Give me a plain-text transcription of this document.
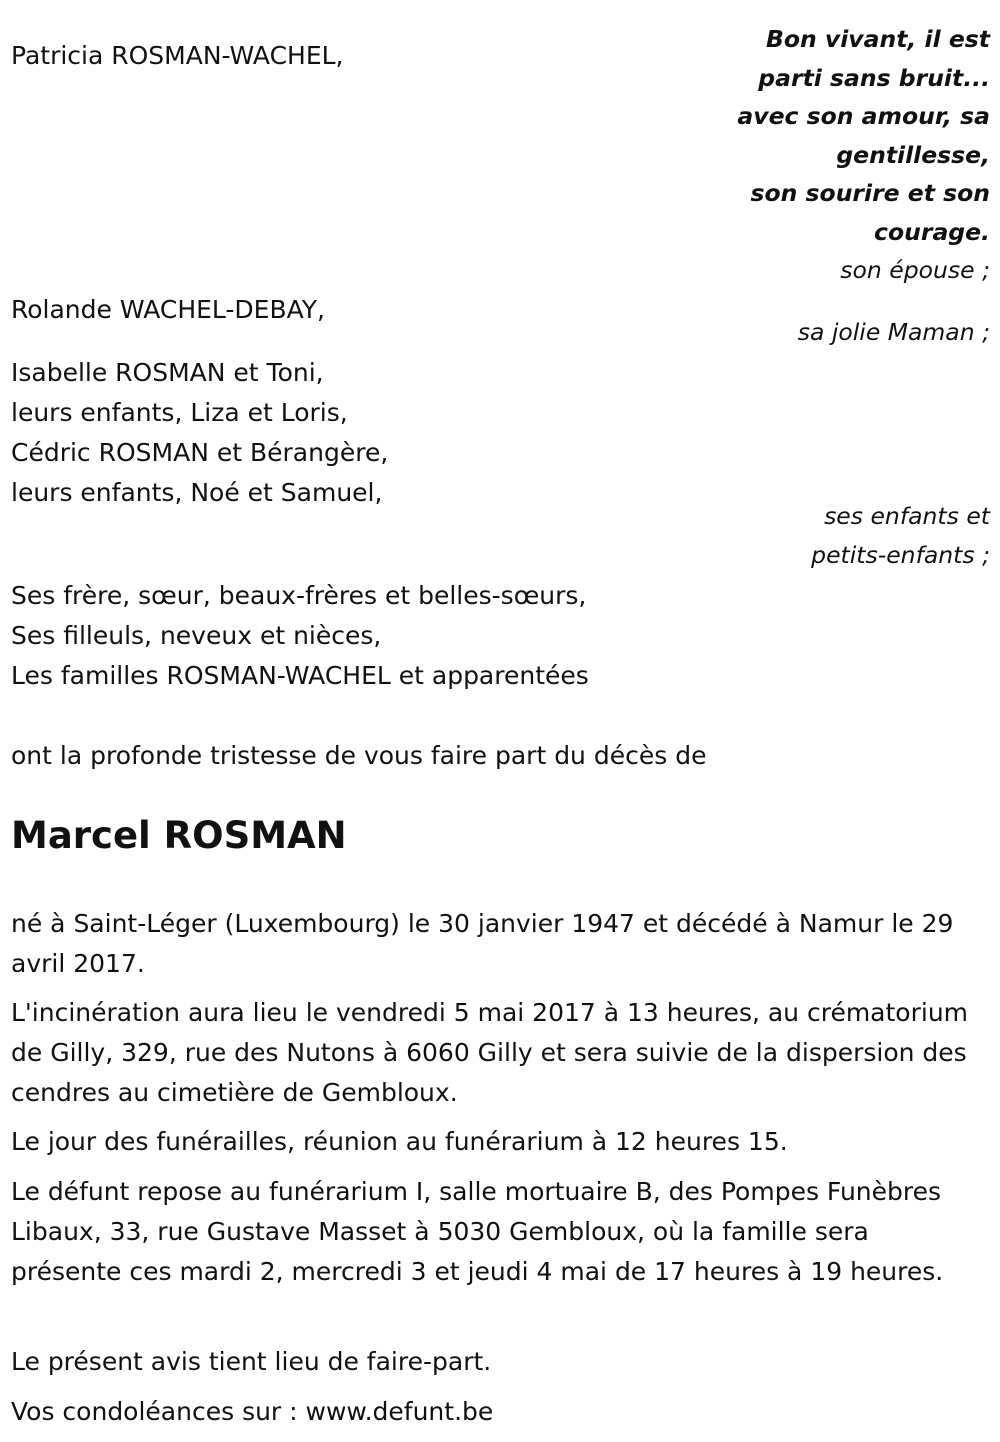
Bon vivant, il est
parti sans bruit...
avec son amour, sa
gentillesse,
son sourire et son
courage.
Patricia ROSMAN-WACHEL,
son épouse ;
Rolande WACHEL-DEBAY,
sa jolie Maman ;
Isabelle ROSMAN et Toni,
leurs enfants, Liza et Loris,
Cédric ROSMAN et Bérangère,
leurs enfants, Noé et Samuel,
ses enfants et
petits-enfants ;
Ses frère, sœur, beaux-frères et belles-sœurs,
Ses filleuls, neveux et nièces,
Les familles ROSMAN-WACHEL et apparentées
ont la profonde tristesse de vous faire part du décès de
Marcel ROSMAN
né à Saint-Léger (Luxembourg) le 30 janvier 1947 et décédé à Namur le 29 avril 2017.
L'incinération aura lieu le vendredi 5 mai 2017 à 13 heures, au crématorium de Gilly, 329, rue des Nutons à 6060 Gilly et sera suivie de la dispersion des cendres au cimetière de Gembloux.
Le jour des funérailles, réunion au funérarium à 12 heures 15.
Le défunt repose au funérarium I, salle mortuaire B, des Pompes Funèbres Libaux, 33, rue Gustave Masset à 5030 Gembloux, où la famille sera présente ces mardi 2, mercredi 3 et jeudi 4 mai de 17 heures à 19 heures.
Le présent avis tient lieu de faire-part.
Vos condoléances sur : www.defunt.be
